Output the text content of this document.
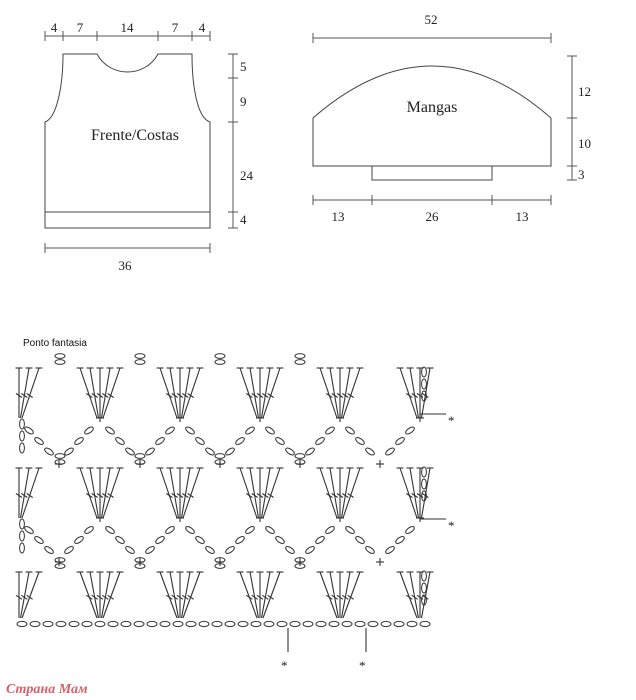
4 7	14	7 4
Frente/Costas
5
9
24
4
36
52
Mangas
12
10
3
13	26	13
Ponto fantasia
*
*
*	*
Страна Мам
